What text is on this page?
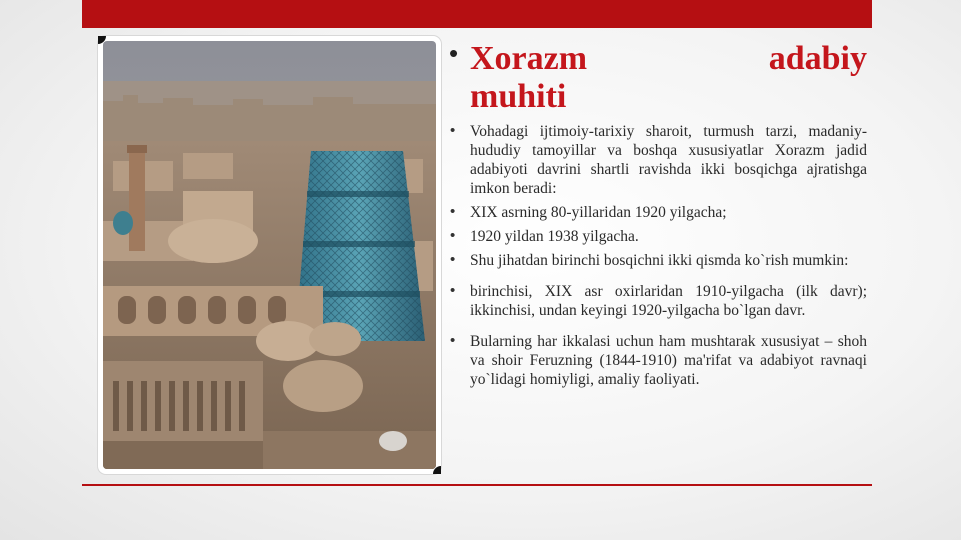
• Xorazm	adabiy
muhiti
• Vohadagi ijtimoiy-tarixiy sharoit, turmush tarzi, madaniy-hududiy tamoyillar va boshqa xususiyatlar Xorazm jadid adabiyoti davrini shartli ravishda ikki bosqichga ajratishga imkon beradi:
• XIX asrning 80-yillaridan 1920 yilgacha;
• 1920 yildan 1938 yilgacha.
• Shu jihatdan birinchi bosqichni ikki qismda ko`rish mumkin:
• birinchisi, XIX asr oxirlaridan 1910-yilgacha (ilk davr); ikkinchisi, undan keyingi 1920-yilgacha bo`lgan davr.
• Bularning har ikkalasi uchun ham mushtarak xususiyat – shoh va shoir Feruzning (1844-1910) ma'rifat va adabiyot ravnaqi yo`lidagi homiyligi, amaliy faoliyati.
